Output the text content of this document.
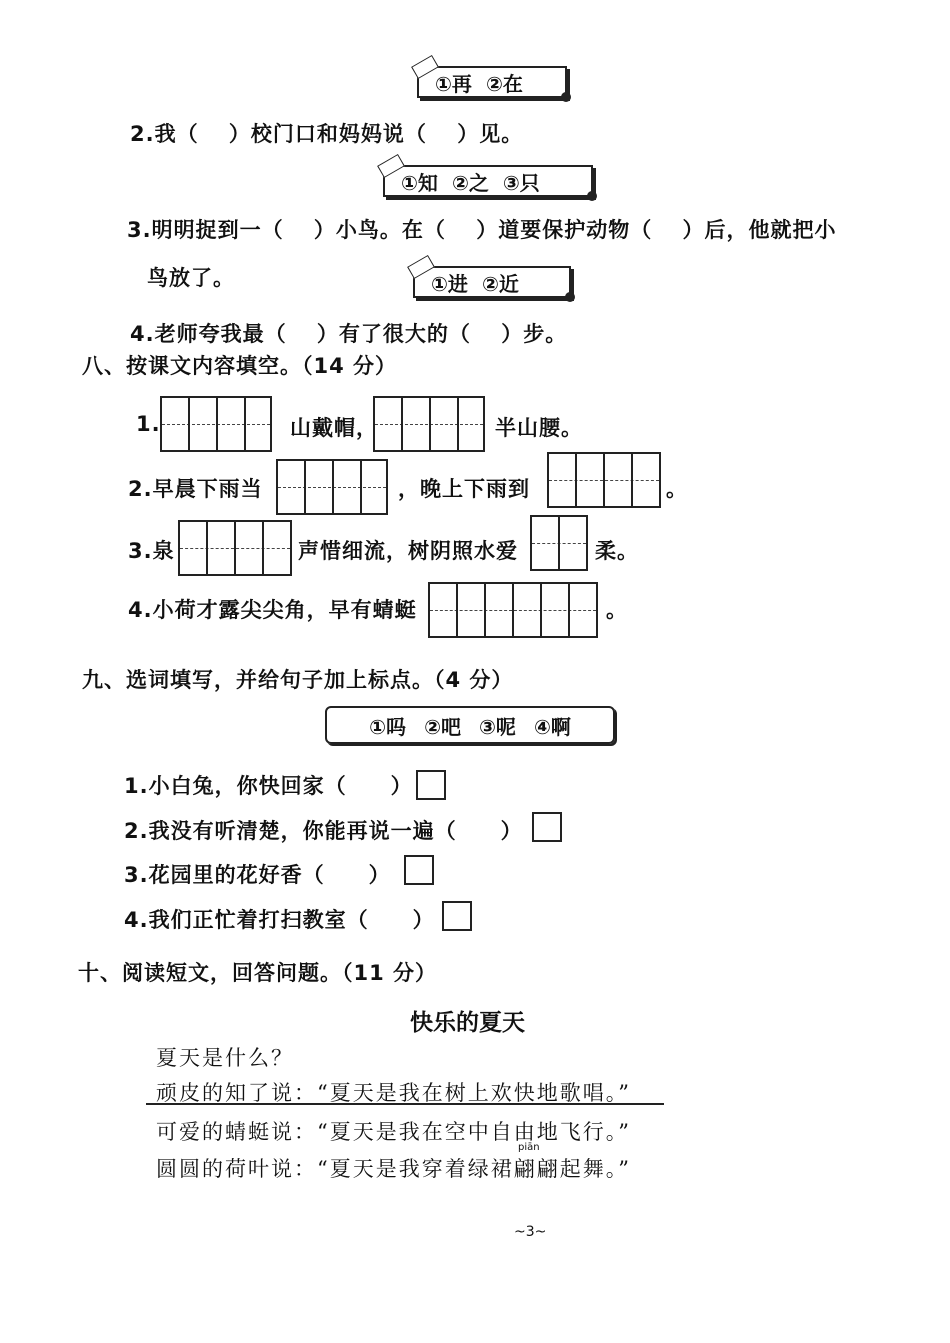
①再 ②在
2.我（　 ）校门口和妈妈说（　 ）见。
①知 ②之 ③只
3.明明捉到一（　 ）小鸟。在（　 ）道要保护动物（　 ）后，他就把小
鸟放了。	①进 ②近
4.老师夸我最（　 ）有了很大的（　 ）步。
八、按课文内容填空。（14 分）
1.	山戴帽，	半山腰。
2.早晨下雨当	，晚上下雨到	。
3.泉	声惜细流，树阴照水爱	柔。
4.小荷才露尖尖角，早有蜻蜓	。
九、选词填写，并给句子加上标点。（4 分）
①吗 ②吧 ③呢 ④啊
1.小白兔，你快回家（　　）
2.我没有听清楚，你能再说一遍（　　）
3.花园里的花好香（　　）
4.我们正忙着打扫教室（　　）
十、阅读短文，回答问题。（11 分）
快乐的夏天
夏天是什么？
顽皮的知了说：“夏天是我在树上欢快地歌唱。”
可爱的蜻蜓说：“夏天是我在空中自由地飞行。”
piān
圆圆的荷叶说：“夏天是我穿着绿裙翩翩起舞。”
~3~
